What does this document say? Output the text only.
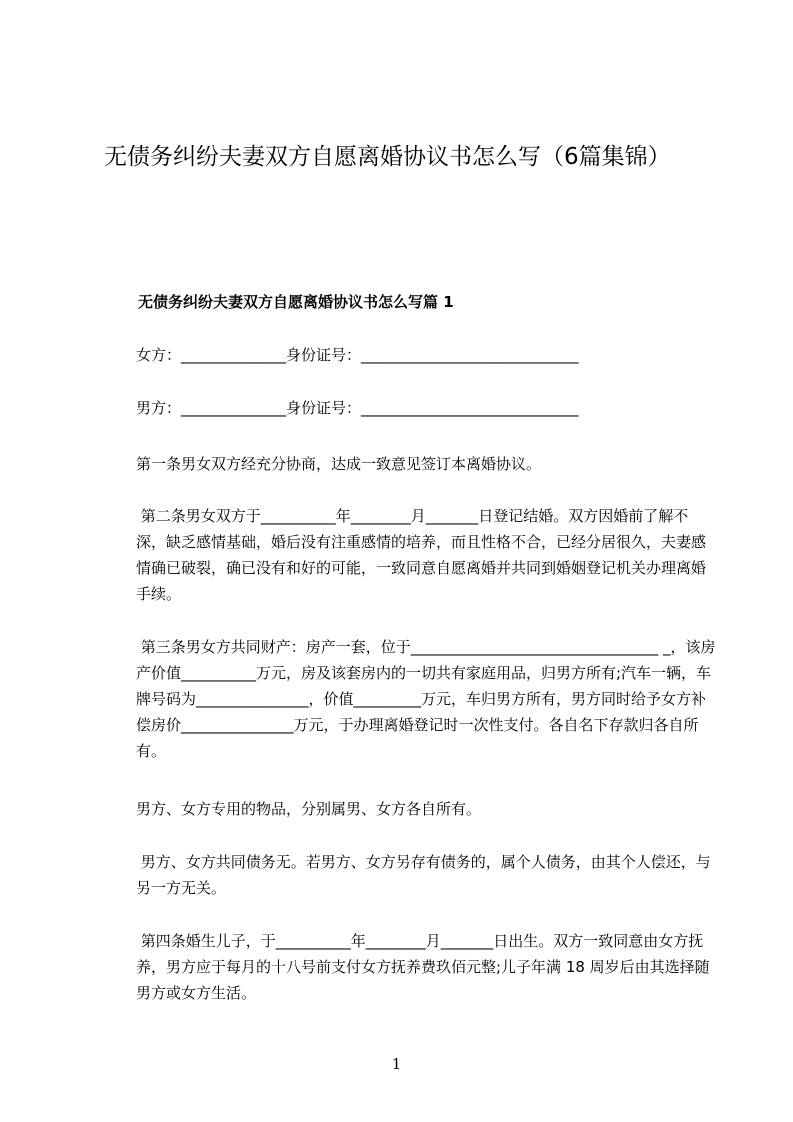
无债务纠纷夫妻双方自愿离婚协议书怎么写（6篇集锦）
无债务纠纷夫妻双方自愿离婚协议书怎么写篇 1

女方：______________身份证号：_____________________________

男方：______________身份证号：_____________________________

第一条男女双方经充分协商，达成一致意见签订本离婚协议。

第二条男女双方于__________年________月_______日登记结婚。双方因婚前了解不深，缺乏感情基础，婚后没有注重感情的培养，而且性格不合，已经分居很久，夫妻感情确已破裂，确已没有和好的可能，一致同意自愿离婚并共同到婚姻登记机关办理离婚手续。

第三条男女方共同财产：房产一套，位于_________________________________ _，该房产价值__________万元，房及该套房内的一切共有家庭用品，归男方所有;汽车一辆，车牌号码为_______________，价值_________万元，车归男方所有，男方同时给予女方补偿房价_______________万元，于办理离婚登记时一次性支付。各自名下存款归各自所有。

男方、女方专用的物品，分别属男、女方各自所有。

男方、女方共同债务无。若男方、女方另存有债务的，属个人债务，由其个人偿还，与另一方无关。

第四条婚生儿子，于__________年________月_______日出生。双方一致同意由女方抚养，男方应于每月的十八号前支付女方抚养费玖佰元整;儿子年满 18 周岁后由其选择随男方或女方生活。

1
